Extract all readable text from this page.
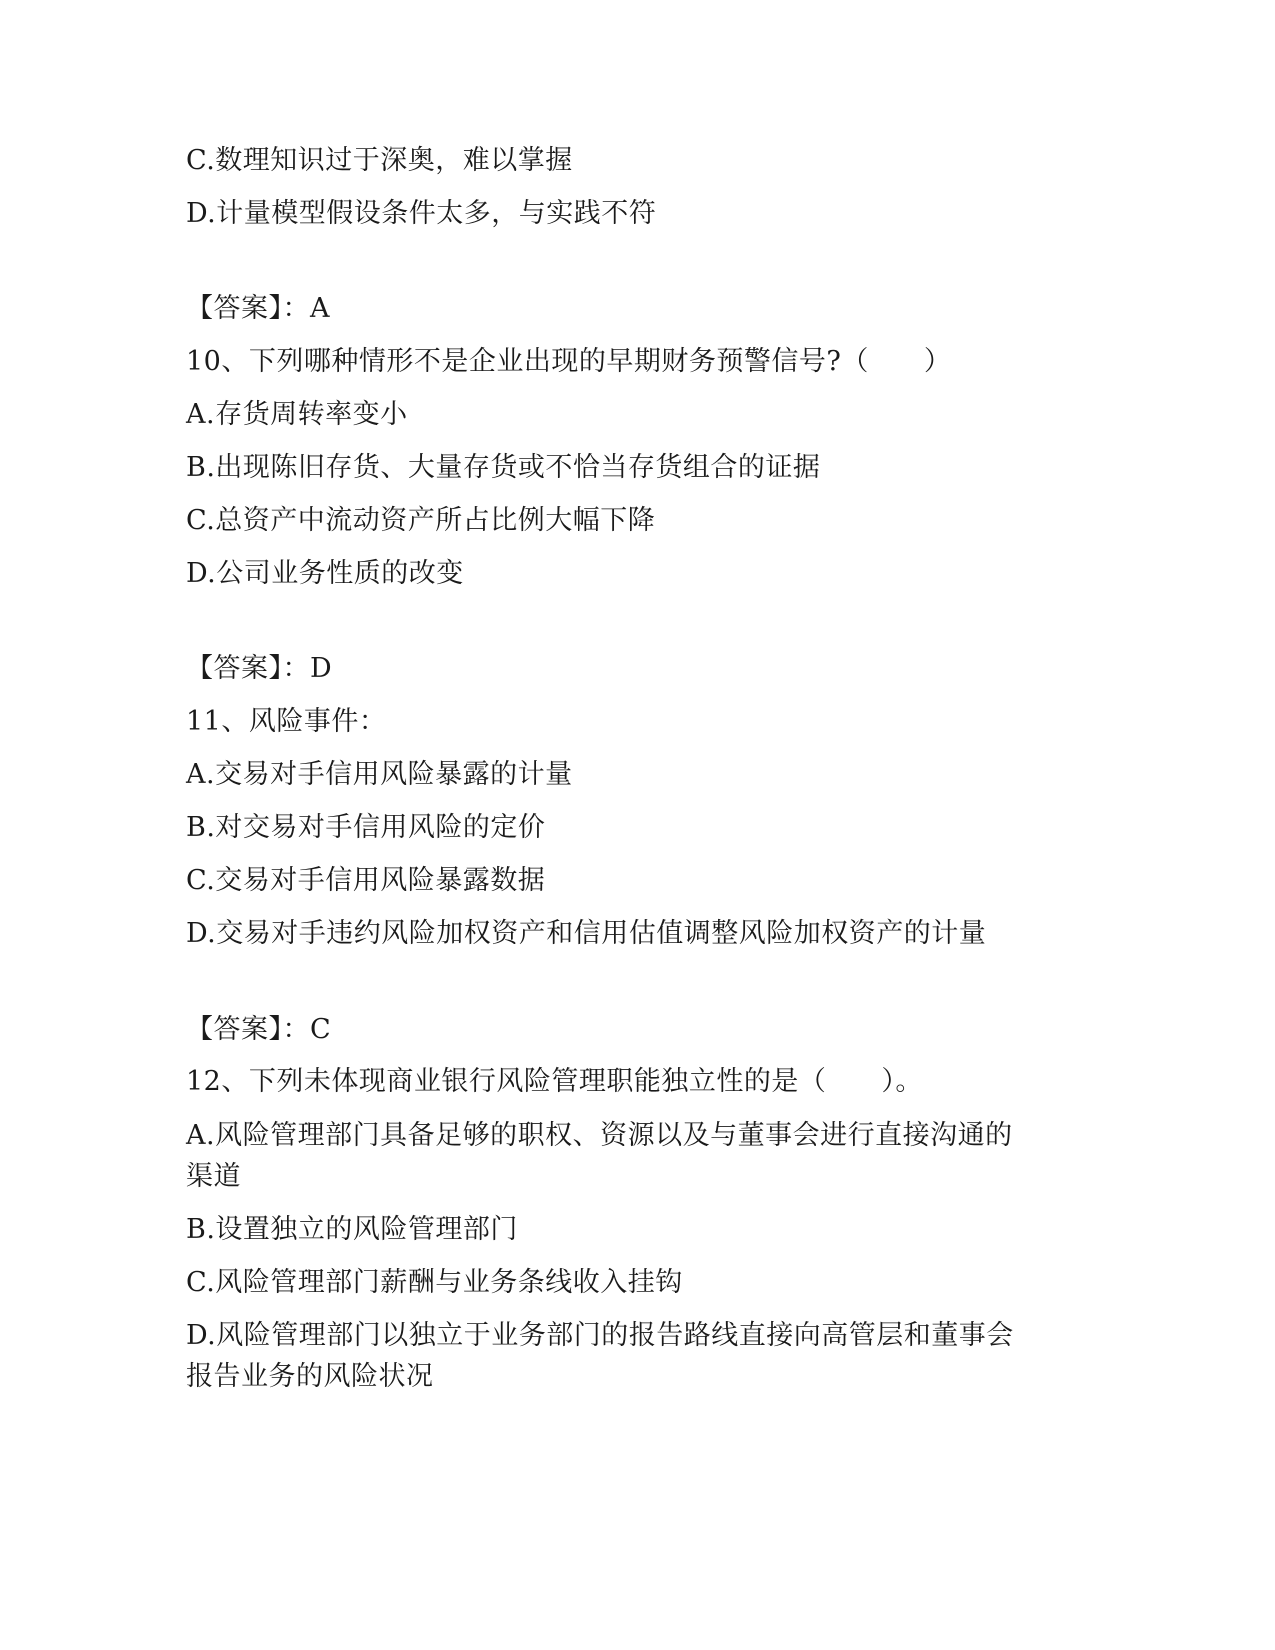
C.数理知识过于深奥，难以掌握
D.计量模型假设条件太多，与实践不符
【答案】：A
10、下列哪种情形不是企业出现的早期财务预警信号?（　　）
A.存货周转率变小
B.出现陈旧存货、大量存货或不恰当存货组合的证据
C.总资产中流动资产所占比例大幅下降
D.公司业务性质的改变
【答案】：D
11、风险事件：
A.交易对手信用风险暴露的计量
B.对交易对手信用风险的定价
C.交易对手信用风险暴露数据
D.交易对手违约风险加权资产和信用估值调整风险加权资产的计量
【答案】：C
12、下列未体现商业银行风险管理职能独立性的是（　　）。
A.风险管理部门具备足够的职权、资源以及与董事会进行直接沟通的
渠道
B.设置独立的风险管理部门
C.风险管理部门薪酬与业务条线收入挂钩
D.风险管理部门以独立于业务部门的报告路线直接向高管层和董事会
报告业务的风险状况
